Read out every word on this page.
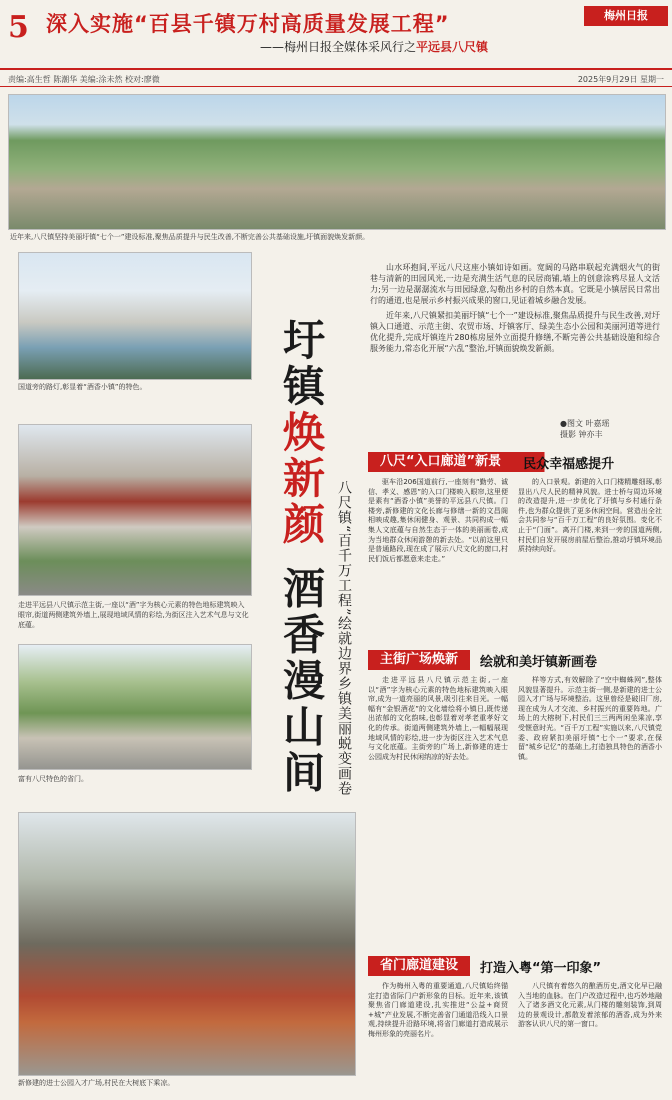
5 深入实施“百县千镇万村高质量发展工程”	梅州日报
——梅州日报全媒体采风行之平远县八尺镇
责编:高生哲 陈潮华 美编:涂未然 校对:廖微	2025年9月29日 星期一
近年来,八尺镇坚持美丽圩镇“七个一”建设标准,聚焦品质提升与民生改善,不断完善公共基础设施,圩镇面貌焕发新颜。
国道旁的路灯,彰显着“酒香小镇”的特色。
走进平远县八尺镇示范主街,一座以“酒”字为核心元素的特色地标建筑映入眼帘,街道两侧建筑外墙上,展现地域风情的彩绘,为街区注入艺术气息与文化底蕴。
富有八尺特色的省门。
新修建的进士公园入才广场,村民在大树底下乘凉。
圩镇焕新颜 酒香漫山间 八尺镇“百千万工程”绘就边界乡镇美丽蜕变画卷

山水环抱间,平远八尺这座小镇如诗如画。宽阔的马路串联起充满烟火气的街巷与清新的田园风光,一边是充满生活气息的民居商铺,墙上的创意涂鸦尽显人文活力;另一边是潺潺流水与田园绿意,勾勒出乡村的自然本真。它既是小镇居民日常出行的通道,也是展示乡村振兴成果的窗口,见证着城乡融合发展。

近年来,八尺镇紧扣美丽圩镇“七个一”建设标准,聚焦品质提升与民生改善,对圩镇入口通道、示范主街、农贸市场、圩镇客厅、绿美生态小公园和美丽河道等进行优化提升,完成圩镇连片280栋房屋外立面提升修缮,不断完善公共基础设施和综合服务能力,常态化开展“六乱”整治,圩镇面貌焕发新颜。

●图文 叶嘉瑶
摄影 钟亦丰
八尺“入口廊道”新景	民众幸福感提升
驱车沿206国道前行,一座刻有“勤劳、诚信、孝义、感恩”的入口门楼映入眼帘,这里便是素有“酒香小镇”美誉的平远县八尺镇。门楼旁,新修建的文化长廊与修缮一新的文昌阁相映成趣,集休闲健身、观景、共同构成一幅集人文底蕴与自然生态于一体的美丽画卷,成为当地群众休闲游憩的新去处。“以前这里只是普通路段,现在成了展示八尺文化的窗口,村民们饭后都愿意来走走。”
的入口景观。新建的入口门楼精雕细琢,彰显出八尺人民的精神风貌。进士桥与周边环境的改造提升,进一步优化了圩镇与乡村通行条件,也为群众提供了更多休闲空间。营造出全社会共同参与“百千万工程”的良好氛围。变化不止于“门面”。离开门楼,来到一旁的国道两侧,村民们自发开展房前屋后整治,推动圩镇环境品质持续向好。
主街广场焕新	绘就和美圩镇新画卷
走进平远县八尺镇示范主街,一座以“酒”字为核心元素的特色地标建筑映入眼帘,成为一道亮丽的风景,吸引往来目光。一幅幅有“金银酒花”的文化墙绘将小镇日,既传递出浓郁的文化韵味,也彰显着对孝老重孝好文化的传承。街道两侧建筑外墙上,一幅幅展现地域风情的彩绘,进一步为街区注入艺术气息与文化底蕴。主街旁的广场上,新修建的进士公园成为村民休闲纳凉的好去处。
样等方式,有效解除了“空中蜘蛛网”,整体风貌显著提升。示范主街一侧,是新建的进士公园入才广场与环境整治。这里曾经是破旧厂房,现在成为人才交流、乡村振兴的重要阵地。广场上的大榕树下,村民们三三两两闲坐乘凉,享受惬意时光。“百千万工程”实施以来,八尺镇党委、政府紧扣美丽圩镇“七个一”要求,在保留“城乡记忆”的基础上,打造独具特色的酒香小镇。
省门廊道建设	打造入粤“第一印象”
作为梅州入粤的重要通道,八尺镇始终锚定打造省际门户新形象的目标。近年来,该镇聚焦省门廊道建设,扎实推进“公益+商贸+城”产业发展,不断完善省门通道沿线入口景观,持续提升沿路环境,将省门廊道打造成展示梅州形象的亮丽名片。
八尺镇有着悠久的酿酒历史,酒文化早已融入当地的血脉。在门户改造过程中,也巧妙地融入了诸多酒文化元素,从门楼的雕刻装饰,到周边的景观设计,都散发着浓郁的酒香,成为外来游客认识八尺的第一窗口。
